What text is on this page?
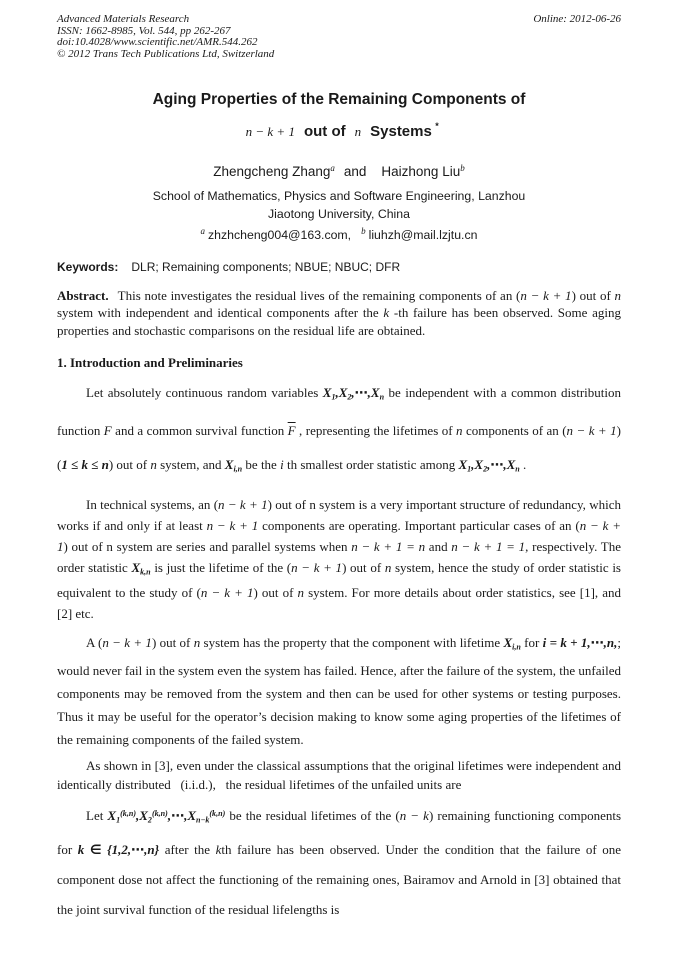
Advanced Materials Research
ISSN: 1662-8985, Vol. 544, pp 262-267
doi:10.4028/www.scientific.net/AMR.544.262
© 2012 Trans Tech Publications Ltd, Switzerland
Online: 2012-06-26
Aging Properties of the Remaining Components of
n − k + 1 out of n Systems *
Zhengcheng Zhang$^a$ and Haizhong Liu$^b$
School of Mathematics, Physics and Software Engineering, Lanzhou
Jiaotong University, China
$^a$ zhzhcheng004@163.com, $^b$ liuhzh@mail.lzjtu.cn
Keywords: DLR; Remaining components; NBUE; NBUC; DFR

Abstract. This note investigates the residual lives of the remaining components of an (n − k + 1) out of n system with independent and identical components after the k -th failure has been observed. Some aging properties and stochastic comparisons on the residual life are obtained.

1. Introduction and Preliminaries

Let absolutely continuous random variables X1,X2,⋯,Xn be independent with a common distribution function F and a common survival function $\overline{F}$ , representing the lifetimes of n components of an (n − k + 1) (1 ≤ k ≤ n) out of n system, and Xi,n be the i th smallest order statistic among X1,X2,⋯,Xn .

In technical systems, an (n − k + 1) out of n system is a very important structure of redundancy, which works if and only if at least n − k + 1 components are operating. Important particular cases of an (n − k + 1) out of n system are series and parallel systems when n − k + 1 = n and n − k + 1 = 1, respectively. The order statistic Xk,n is just the lifetime of the (n − k + 1) out of n system, hence the study of order statistic is equivalent to the study of (n − k + 1) out of n system. For more details about order statistics, see [1], and [2] etc.

A (n − k + 1) out of n system has the property that the component with lifetime Xi,n for i = k + 1,⋯,n,; would never fail in the system even the system has failed. Hence, after the failure of the system, the unfailed components may be removed from the system and then can be used for other systems or testing purposes. Thus it may be useful for the operator’s decision making to know some aging properties of the lifetimes of the remaining components of the failed system.

As shown in [3], even under the classical assumptions that the original lifetimes were independent and identically distributed  (i.i.d.),  the residual lifetimes of the unfailed units are

Let $X1^{(k,n)},X2^{(k,n)},\cdots,Xn-k^{(k,n)}$ be the residual lifetimes of the (n − k) remaining functioning components for k ∈ {1,2,⋯,n} after the kth failure has been observed. Under the condition that the failure of one component dose not affect the functioning of the remaining ones, Bairamov and Arnold in [3] obtained that the joint survival function of the residual lifelengths is
